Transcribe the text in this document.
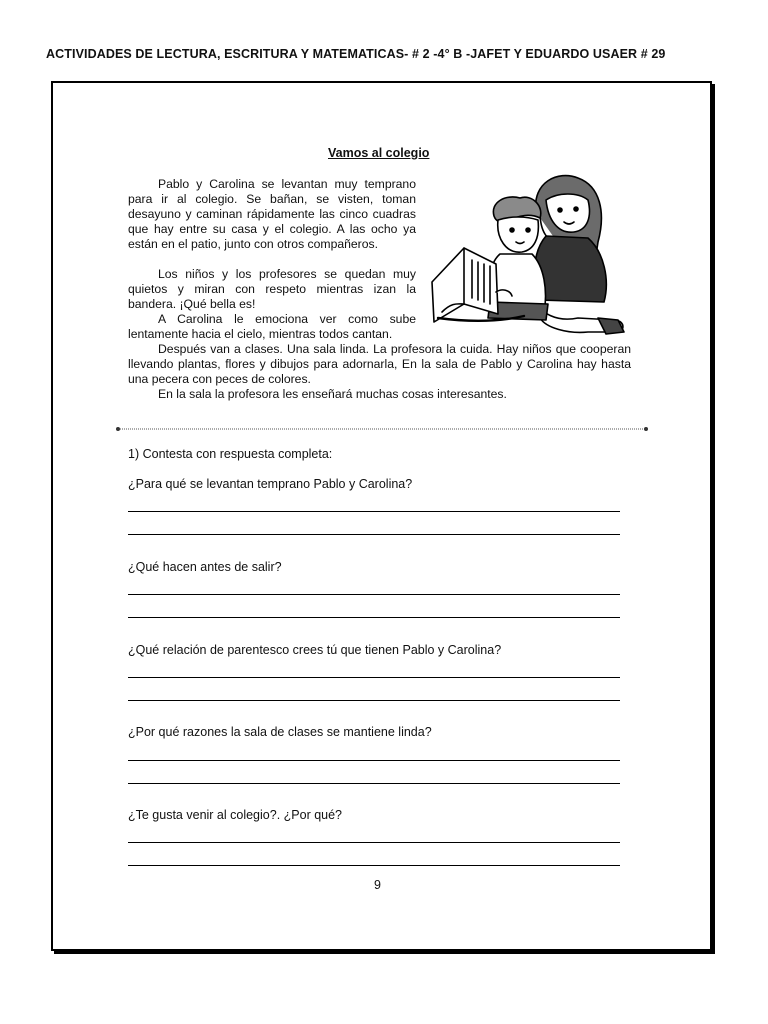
ACTIVIDADES DE LECTURA, ESCRITURA Y MATEMATICAS- # 2 -4° B -JAFET Y EDUARDO USAER # 29
Vamos al colegio
Pablo y Carolina se levantan muy temprano para ir al colegio. Se bañan, se visten, toman desayuno y caminan rápidamente las cinco cuadras que hay entre su casa y el colegio. A las ocho ya están en el patio, junto con otros compañeros.
Los niños y los profesores se quedan muy quietos y miran con respeto mientras izan la bandera. ¡Qué bella es!
A Carolina le emociona ver como sube lentamente hacia el cielo, mientras todos cantan.
Después van a clases. Una sala linda. La profesora la cuida. Hay niños que cooperan llevando plantas, flores y dibujos para adornarla, En la sala de Pablo y Carolina hay hasta una pecera con peces de colores.
En la sala la profesora les enseñará muchas cosas interesantes.
1) Contesta con respuesta completa:
¿Para qué se levantan temprano Pablo y Carolina?
¿Qué hacen antes de salir?
¿Qué relación de parentesco crees tú que tienen Pablo y Carolina?
¿Por qué razones la sala de clases se mantiene linda?
¿Te gusta venir al colegio?. ¿Por qué?
9
